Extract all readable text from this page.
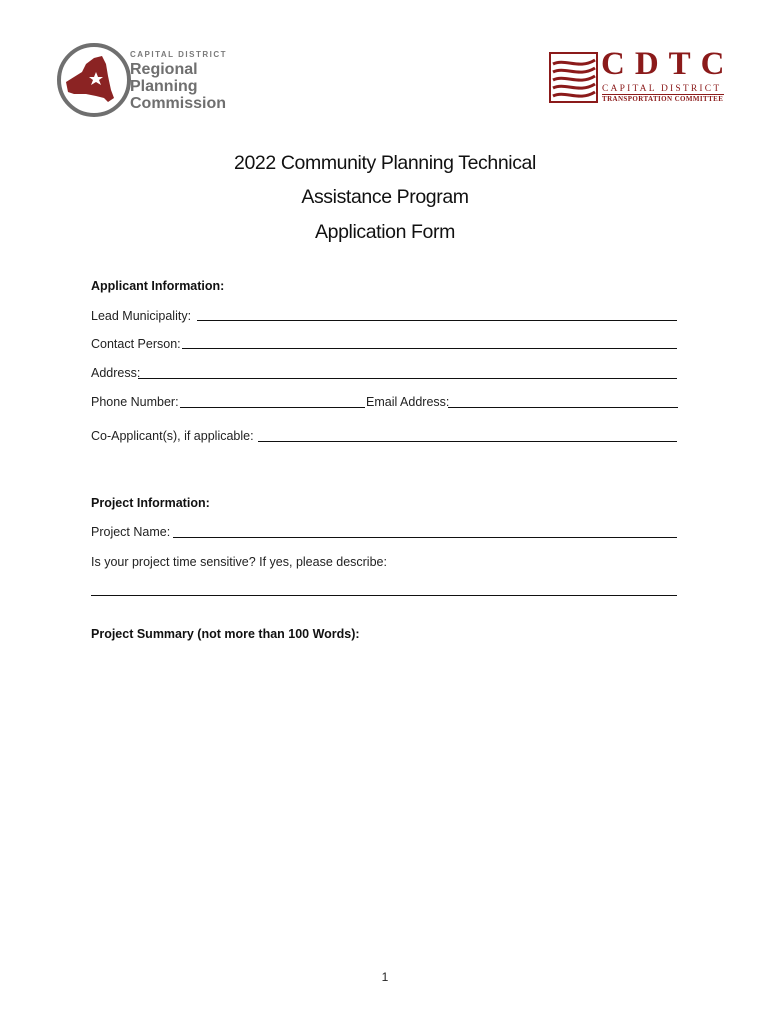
CAPITAL DISTRICT
Regional
Planning
Commission
CDTC
CAPITAL DISTRICT
TRANSPORTATION COMMITTEE
2022 Community Planning Technical
Assistance Program
Application Form
Applicant Information:
Lead Municipality:
Contact Person:
Address:
Phone Number:	Email Address:
Co-Applicant(s), if applicable:
Project Information:
Project Name:
Is your project time sensitive? If yes, please describe:
Project Summary (not more than 100 Words):
1
